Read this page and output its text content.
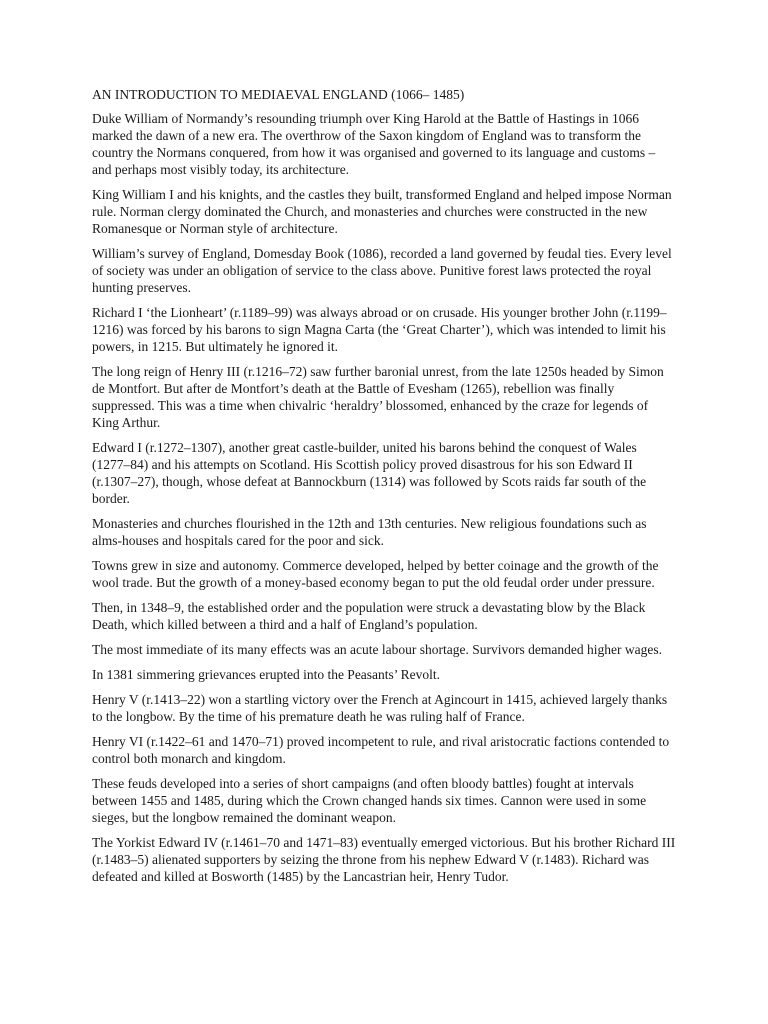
AN INTRODUCTION TO MEDIAEVAL ENGLAND (1066– 1485)

Duke William of Normandy’s resounding triumph over King Harold at the Battle of Hastings in 1066 marked the dawn of a new era. The overthrow of the Saxon kingdom of England was to transform the country the Normans conquered, from how it was organised and governed to its language and customs – and perhaps most visibly today, its architecture.

King William I and his knights, and the castles they built, transformed England and helped impose Norman rule. Norman clergy dominated the Church, and monasteries and churches were constructed in the new Romanesque or Norman style of architecture.

William’s survey of England, Domesday Book (1086), recorded a land governed by feudal ties. Every level of society was under an obligation of service to the class above. Punitive forest laws protected the royal hunting preserves.

Richard I ‘the Lionheart’ (r.1189–99) was always abroad or on crusade. His younger brother John (r.1199–1216) was forced by his barons to sign Magna Carta (the ‘Great Charter’), which was intended to limit his powers, in 1215. But ultimately he ignored it.

The long reign of Henry III (r.1216–72) saw further baronial unrest, from the late 1250s headed by Simon de Montfort. But after de Montfort’s death at the Battle of Evesham (1265), rebellion was finally suppressed. This was a time when chivalric ‘heraldry’ blossomed, enhanced by the craze for legends of King Arthur.

Edward I (r.1272–1307), another great castle-builder, united his barons behind the conquest of Wales (1277–84) and his attempts on Scotland. His Scottish policy proved disastrous for his son Edward II (r.1307–27), though, whose defeat at Bannockburn (1314) was followed by Scots raids far south of the border.

Monasteries and churches flourished in the 12th and 13th centuries. New religious foundations such as alms-houses and hospitals cared for the poor and sick.

Towns grew in size and autonomy. Commerce developed, helped by better coinage and the growth of the wool trade. But the growth of a money-based economy began to put the old feudal order under pressure.

Then, in 1348–9, the established order and the population were struck a devastating blow by the Black Death, which killed between a third and a half of England’s population.

The most immediate of its many effects was an acute labour shortage. Survivors demanded higher wages.

In 1381 simmering grievances erupted into the Peasants’ Revolt.

Henry V (r.1413–22) won a startling victory over the French at Agincourt in 1415, achieved largely thanks to the longbow. By the time of his premature death he was ruling half of France.

Henry VI (r.1422–61 and 1470–71) proved incompetent to rule, and rival aristocratic factions contended to control both monarch and kingdom.

These feuds developed into a series of short campaigns (and often bloody battles) fought at intervals between 1455 and 1485, during which the Crown changed hands six times. Cannon were used in some sieges, but the longbow remained the dominant weapon.

The Yorkist Edward IV (r.1461–70 and 1471–83) eventually emerged victorious. But his brother Richard III (r.1483–5) alienated supporters by seizing the throne from his nephew Edward V (r.1483). Richard was defeated and killed at Bosworth (1485) by the Lancastrian heir, Henry Tudor.
